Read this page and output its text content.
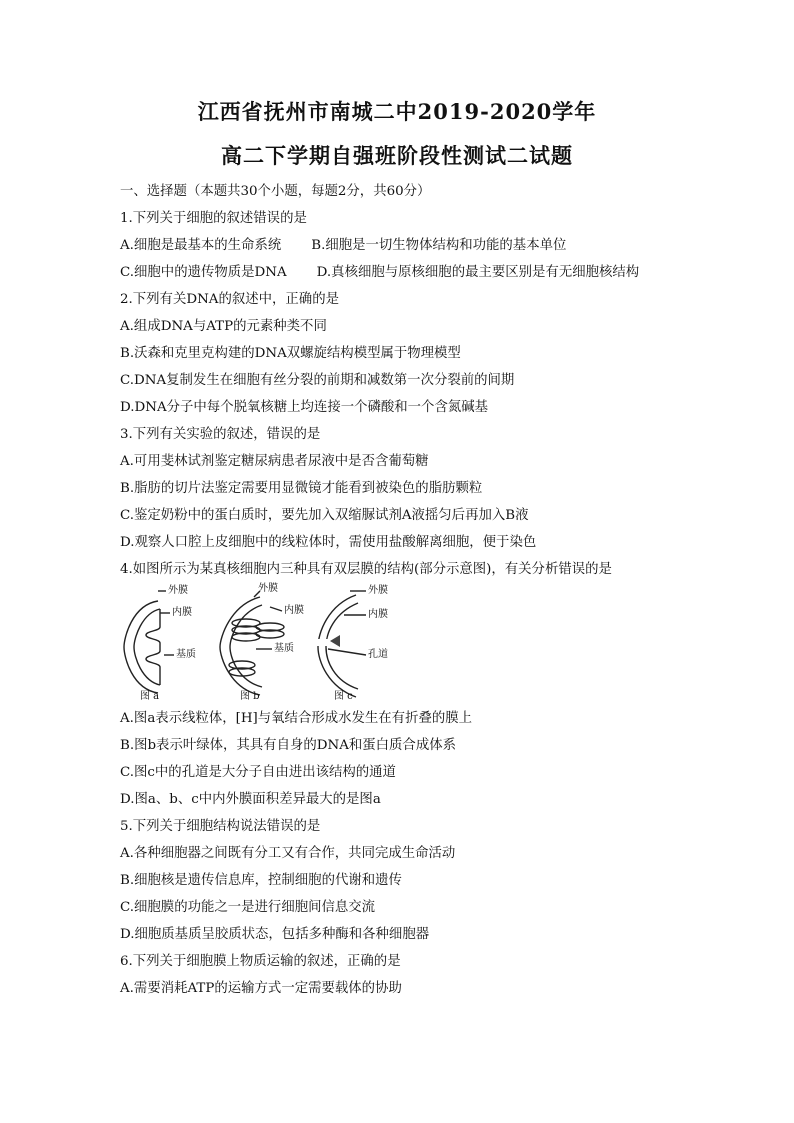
江西省抚州市南城二中2019-2020学年
高二下学期自强班阶段性测试二试题
一、选择题（本题共30个小题，每题2分，共60分）
1.下列关于细胞的叙述错误的是
A.细胞是最基本的生命系统 B.细胞是一切生物体结构和功能的基本单位
C.细胞中的遗传物质是DNA D.真核细胞与原核细胞的最主要区别是有无细胞核结构
2.下列有关DNA的叙述中，正确的是
A.组成DNA与ATP的元素种类不同
B.沃森和克里克构建的DNA双螺旋结构模型属于物理模型
C.DNA复制发生在细胞有丝分裂的前期和减数第一次分裂前的间期
D.DNA分子中每个脱氧核糖上均连接一个磷酸和一个含氮碱基
3.下列有关实验的叙述，错误的是
A.可用斐林试剂鉴定糖尿病患者尿液中是否含葡萄糖
B.脂肪的切片法鉴定需要用显微镜才能看到被染色的脂肪颗粒
C.鉴定奶粉中的蛋白质时，要先加入双缩脲试剂A液摇匀后再加入B液
D.观察人口腔上皮细胞中的线粒体时，需使用盐酸解离细胞，便于染色
4.如图所示为某真核细胞内三种具有双层膜的结构(部分示意图)，有关分析错误的是
外膜
内膜
基质
图 a
外膜
内膜
基质
图 b
外膜
内膜
孔道
图 c
A.图a表示线粒体，[H]与氧结合形成水发生在有折叠的膜上
B.图b表示叶绿体，其具有自身的DNA和蛋白质合成体系
C.图c中的孔道是大分子自由进出该结构的通道
D.图a、b、c中内外膜面积差异最大的是图a
5.下列关于细胞结构说法错误的是
A.各种细胞器之间既有分工又有合作，共同完成生命活动
B.细胞核是遗传信息库，控制细胞的代谢和遗传
C.细胞膜的功能之一是进行细胞间信息交流
D.细胞质基质呈胶质状态，包括多种酶和各种细胞器
6.下列关于细胞膜上物质运输的叙述，正确的是
A.需要消耗ATP的运输方式一定需要载体的协助
